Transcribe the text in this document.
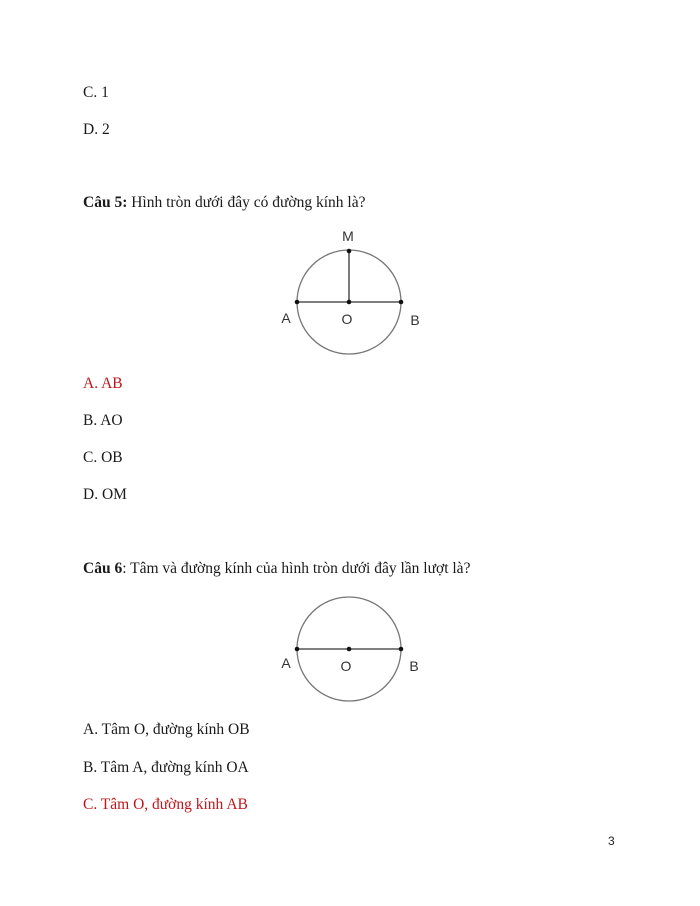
C. 1
D. 2
Câu 5: Hình tròn dưới đây có đường kính là?
M
A	O	B
A. AB
B. AO
C. OB
D. OM
Câu 6: Tâm và đường kính của hình tròn dưới đây lần lượt là?
A	O	B
A. Tâm O, đường kính OB
B. Tâm A, đường kính OA
C. Tâm O, đường kính AB
3
